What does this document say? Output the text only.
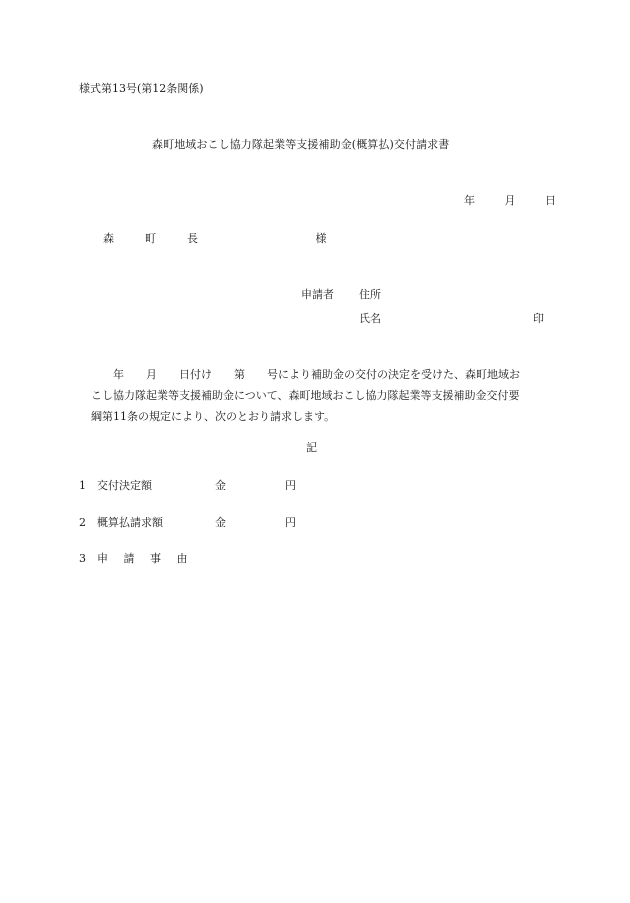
様式第13号(第12条関係)
森町地域おこし協力隊起業等支援補助金(概算払)交付請求書
年	月	日
森　町　長	様
申請者 住所
氏名	印
　　年　　月　　日付け　　第　　号により補助金の交付の決定を受けた、森町地域お
こし協力隊起業等支援補助金について、森町地域おこし協力隊起業等支援補助金交付要
綱第11条の規定により、次のとおり請求します。
記
1 交付決定額	金	円
2 概算払請求額	金	円
3 申 請 事 由
